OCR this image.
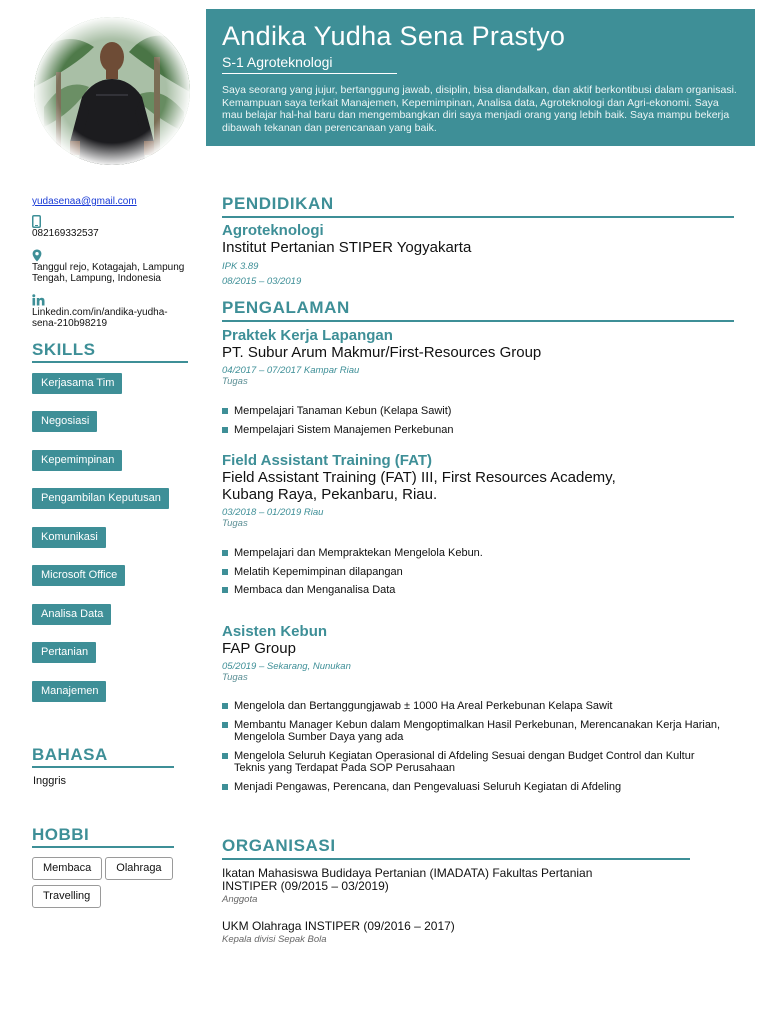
Andika Yudha Sena Prastyo
S-1 Agroteknologi
Saya seorang yang jujur, bertanggung jawab, disiplin, bisa diandalkan, dan aktif berkontibusi dalam organisasi. Kemampuan saya terkait Manajemen, Kepemimpinan, Analisa data, Agroteknologi dan Agri-ekonomi. Saya mau belajar hal-hal baru dan mengembangkan diri saya menjadi orang yang lebih baik. Saya mampu bekerja dibawah tekanan dan perencanaan yang baik.
yudasenaa@gmail.com
082169332537
Tanggul rejo, Kotagajah, Lampung Tengah, Lampung, Indonesia
Linkedin.com/in/andika-yudha-sena-210b98219
SKILLS
Kerjasama Tim
Negosiasi
Kepemimpinan
Pengambilan Keputusan
Komunikasi
Microsoft Office
Analisa Data
Pertanian
Manajemen
BAHASA
Inggris
HOBBI
Membaca Olahraga Travelling
PENDIDIKAN
Agroteknologi
Institut Pertanian STIPER Yogyakarta
IPK 3.89
08/2015 – 03/2019
PENGALAMAN
Praktek Kerja Lapangan
PT. Subur Arum Makmur/First-Resources Group
04/2017 – 07/2017 Kampar Riau
Tugas
Mempelajari Tanaman Kebun (Kelapa Sawit)
Mempelajari Sistem Manajemen Perkebunan
Field Assistant Training (FAT)
Field Assistant Training (FAT) III, First Resources Academy, Kubang Raya, Pekanbaru, Riau.
03/2018 – 01/2019 Riau
Tugas
Mempelajari dan Mempraktekan Mengelola Kebun.
Melatih Kepemimpinan dilapangan
Membaca dan Menganalisa Data
Asisten Kebun
FAP Group
05/2019 – Sekarang, Nunukan
Tugas
Mengelola dan Bertanggungjawab ± 1000 Ha Areal Perkebunan Kelapa Sawit
Membantu Manager Kebun dalam Mengoptimalkan Hasil Perkebunan, Merencanakan Kerja Harian, Mengelola Sumber Daya yang ada
Mengelola Seluruh Kegiatan Operasional di Afdeling Sesuai dengan Budget Control dan Kultur Teknis yang Terdapat Pada SOP Perusahaan
Menjadi Pengawas, Perencana, dan Pengevaluasi Seluruh Kegiatan di Afdeling
ORGANISASI
Ikatan Mahasiswa Budidaya Pertanian (IMADATA) Fakultas Pertanian INSTIPER (09/2015 – 03/2019)
Anggota
UKM Olahraga INSTIPER (09/2016 – 2017)
Kepala divisi Sepak Bola
